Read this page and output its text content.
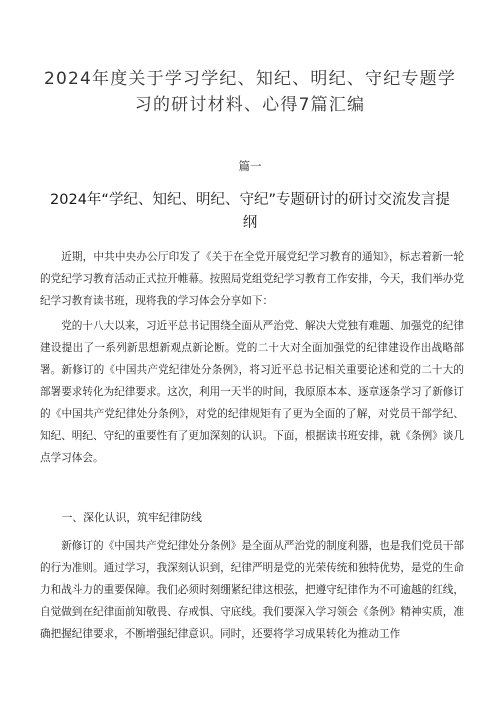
2024年度关于学习学纪、知纪、明纪、守纪专题学习的研讨材料、心得7篇汇编
篇一
2024年“学纪、知纪、明纪、守纪”专题研讨的研讨交流发言提纲

近期，中共中央办公厅印发了《关于在全党开展党纪学习教育的通知》，标志着新一轮的党纪学习教育活动正式拉开帷幕。按照局党组党纪学习教育工作安排，今天，我们举办党纪学习教育读书班，现将我的学习体会分享如下：

党的十八大以来，习近平总书记围绕全面从严治党、解决大党独有难题、加强党的纪律建设提出了一系列新思想新观点新论断。党的二十大对全面加强党的纪律建设作出战略部署。新修订的《中国共产党纪律处分条例》，将习近平总书记相关重要论述和党的二十大的部署要求转化为纪律要求。这次，利用一天半的时间，我原原本本、逐章逐条学习了新修订的《中国共产党纪律处分条例》，对党的纪律规矩有了更为全面的了解，对党员干部学纪、知纪、明纪、守纪的重要性有了更加深刻的认识。下面，根据读书班安排，就《条例》谈几点学习体会。

一、深化认识，筑牢纪律防线

新修订的《中国共产党纪律处分条例》是全面从严治党的制度利器，也是我们党员干部的行为准则。通过学习，我深刻认识到，纪律严明是党的光荣传统和独特优势，是党的生命力和战斗力的重要保障。我们必须时刻绷紧纪律这根弦，把遵守纪律作为不可逾越的红线，自觉做到在纪律面前知敬畏、存戒惧、守底线。我们要深入学习领会《条例》精神实质，准确把握纪律要求，不断增强纪律意识。同时，还要将学习成果转化为推动工作
